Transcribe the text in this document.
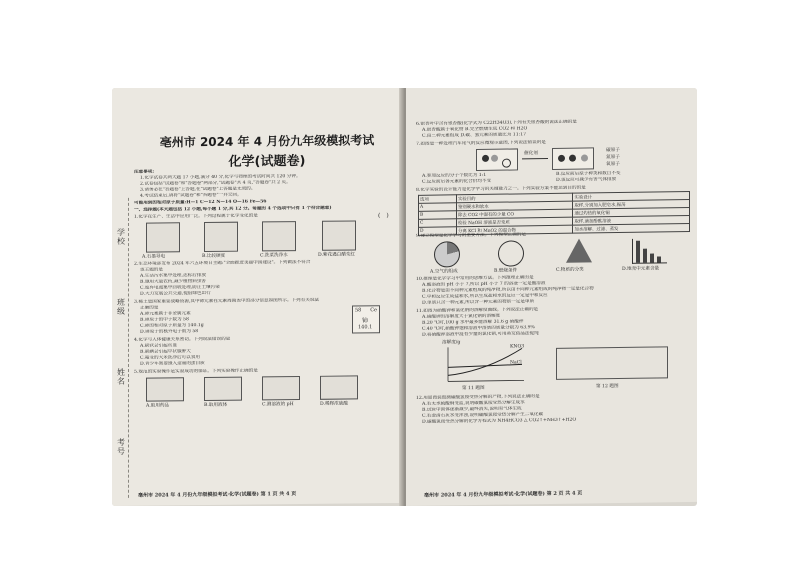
学校
班级
姓名
考号
亳州市 2024 年 4 月份九年级模拟考试
化学(试题卷)
注意事项:
1.化学试卷共两大题 17 小题,满分 40 分,化学与物理的考试时间共 120 分钟。
2.试卷包括"试题卷"和"答题卷"两部分,"试题卷"共 4 页,"答题卷"共 2 页。
3.请务必在"答题卷"上答题,在"试题卷"上答题是无效的。
4.考试结束后,请将"试题卷"和"答题卷"一并交回。
可能用到的相对原子质量:H—1 C—12 N—14 O—16 Fe—56
一、选择题(本大题包括 12 小题,每小题 1 分,共 12 分。每题的 4 个选项中只有 1 个符合题意)
1.化学在生产、生活中应用广泛。下列过程属于化学变化的是	(　)
A.石墨导电	B.比较硬度	C.洗菜洗净水	D.紫花遇白醋变红
2.生态环境部发布 2024 年六五环境日主题:"全面推进美丽中国建设"。下列做法不符合
该主题的是
A.生活污水集中处理,达标后排放
B.施用大量农药,减少植物病虫害
C.废弃电池集中回收处理,防止土壤污染
D.大力发展公共交通,提倡绿色出行
3.稀土是国家重要战略资源,其中铈元素在元素周期表中的部分信息如图所示。下列有关说法
正确的是
A.铈元素属于非金属元素
B.铈原子的中子数为 58
C.铈的相对原子质量为 140.1g
D.铈原子的核外电子数为 58
58 Ce
铈
140.1
4.化学与人体健康关系密切。下列说法错误的是
A.缺铁会引起贫血
B.缺碘会引起甲状腺肿大
C.霉变的大米洗净后可以食用
D.青少年需要摄入适量的蛋白质
5.规范的实验操作是实验成功的保证。下列实验操作正确的是
A.取用药品	B.取用液体	C.测溶液的 pH	D.稀释浓硫酸
亳州市 2024 年 4 月份九年级模拟考试·化学(试题卷) 第 1 页 共 4 页
6.银杏叶中含有银杏酸(化学式为 C22H34O3),下列有关银杏酸的说法正确的是
A.银杏酸属于氧化物 B.完全燃烧生成 CO2 和 H2O
C.由三种元素组成 D.碳、氢元素的质量比为 11:17
7.如图是一种处理汽车尾气的反应微观示意图,下列说法错误的是
催化剂
碳原子
氮原子
氧原子
A.参加反应的分子个数比为 1:1	B.反应前后原子种类和数目不变
C.反应前后各元素的化合价均不变	D.该反应可减少有害气体排放
8.化学实验的设计能力是化学学习的关键能力之一。下列实验方案不能达到目的的是
选项	实验目的	实验设计
A	鉴别硬水和软水	取样,分别加入肥皂水,振荡
B	除去 CO2 中混有的少量 CO	通过灼热的氧化铜
C	检验 NaOH 溶液是否变质	取样,滴加酚酞溶液
D	分离 KCl 和 MnO2 的混合物	加水溶解、过滤、蒸发
9.建立模型是化学学习的重要方法。下列模型正确的是
A.空气的组成	B.燃烧条件	C.物质的分类	D.地壳中元素含量
10.推理是化学学习中常用的思维方法。下列推理正确的是
A.酸溶液的 pH 小于 7,所以 pH 小于 7 的溶液一定是酸溶液
B.化合物是由不同种元素组成的纯净物,所以由不同种元素组成的纯净物一定是化合物
C.中和反应生成盐和水,所以生成盐和水的反应一定是中和反应
D.单质只含一种元素,所以含一种元素的物质一定是单质
11.如图为硝酸钾和氯化钠的溶解度曲线。下列说法正确的是
A.硝酸钾的溶解度大于氯化钠的溶解度
B.20 ℃时,100 g 水中最多能溶解 31.6 g 硝酸钾
C.40 ℃时,硝酸钾饱和溶液中溶质的质量分数为 63.9%
D.将硝酸钾溶液中混有少量的氯化钠,可用蒸发结晶法提纯
溶解度/g
KNO3
NaCl
第 11 题图	第 12 题图
12.用如图装置测碳酸氢铵受热分解的产物,下列说法正确的是
A.若无水硫酸铜变蓝,说明碳酸氢铵受热分解生成水
B.试管中固体逐渐减少,最终消失,说明有气体生成
C.若澄清石灰水变浑浊,说明碳酸氢铵受热分解产生二氧化碳
D.碳酸氢铵受热分解的化学方程式为 NH4HCO3 △ CO2↑+NH3↑+H2O
亳州市 2024 年 4 月份九年级模拟考试·化学(试题卷) 第 2 页 共 4 页
